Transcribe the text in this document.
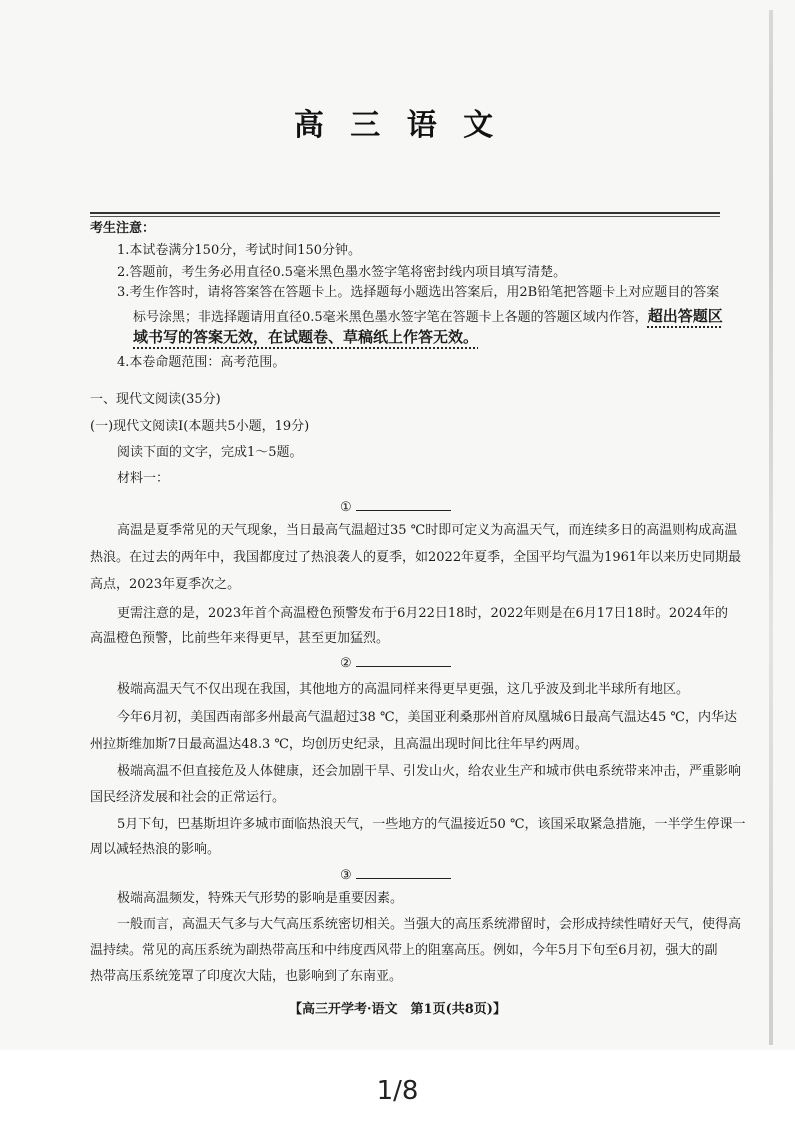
高 三 语 文
考生注意：
1.本试卷满分150分，考试时间150分钟。
2.答题前，考生务必用直径0.5毫米黑色墨水签字笔将密封线内项目填写清楚。
3.考生作答时，请将答案答在答题卡上。选择题每小题选出答案后，用2B铅笔把答题卡上对应题目的答案
标号涂黑；非选择题请用直径0.5毫米黑色墨水签字笔在答题卡上各题的答题区域内作答，超出答题区
域书写的答案无效，在试题卷、草稿纸上作答无效。
4.本卷命题范围：高考范围。
一、现代文阅读(35分)
(一)现代文阅读Ⅰ(本题共5小题，19分)
阅读下面的文字，完成1～5题。
材料一：
①
高温是夏季常见的天气现象，当日最高气温超过35 ℃时即可定义为高温天气，而连续多日的高温则构成高温
热浪。在过去的两年中，我国都度过了热浪袭人的夏季，如2022年夏季，全国平均气温为1961年以来历史同期最
高点，2023年夏季次之。
更需注意的是，2023年首个高温橙色预警发布于6月22日18时，2022年则是在6月17日18时。2024年的
高温橙色预警，比前些年来得更早，甚至更加猛烈。
②
极端高温天气不仅出现在我国，其他地方的高温同样来得更早更强，这几乎波及到北半球所有地区。
今年6月初，美国西南部多州最高气温超过38 ℃，美国亚利桑那州首府凤凰城6日最高气温达45 ℃，内华达
州拉斯维加斯7日最高温达48.3 ℃，均创历史纪录，且高温出现时间比往年早约两周。
极端高温不但直接危及人体健康，还会加剧干旱、引发山火，给农业生产和城市供电系统带来冲击，严重影响
国民经济发展和社会的正常运行。
5月下旬，巴基斯坦许多城市面临热浪天气，一些地方的气温接近50 ℃，该国采取紧急措施，一半学生停课一
周以减轻热浪的影响。
③
极端高温频发，特殊天气形势的影响是重要因素。
一般而言，高温天气多与大气高压系统密切相关。当强大的高压系统滞留时，会形成持续性晴好天气，使得高
温持续。常见的高压系统为副热带高压和中纬度西风带上的阻塞高压。例如，今年5月下旬至6月初，强大的副
热带高压系统笼罩了印度次大陆，也影响到了东南亚。
【高三开学考·语文　第1页(共8页)】
1/8
